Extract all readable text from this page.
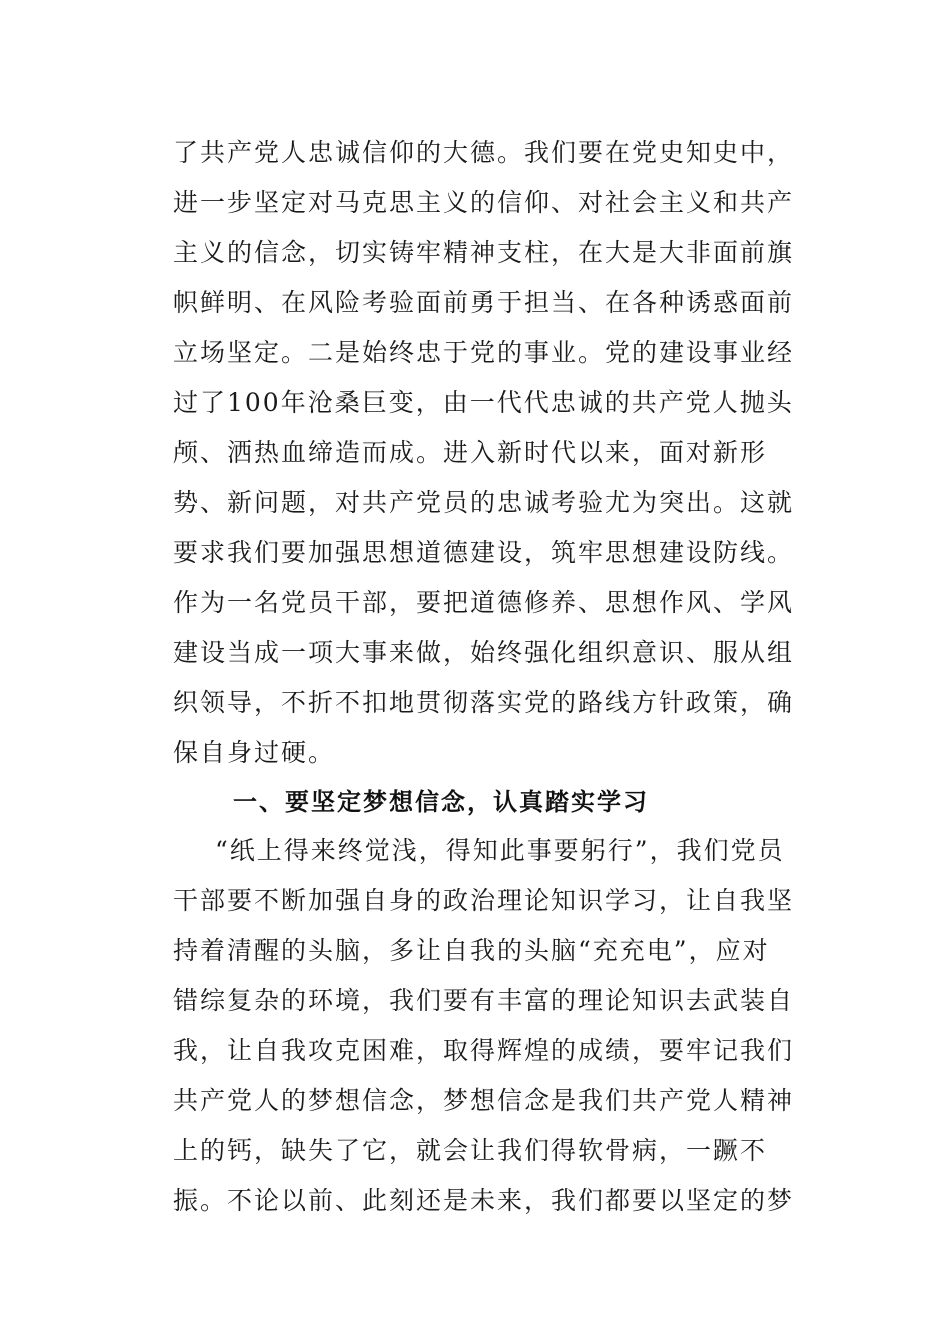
了共产党人忠诚信仰的大德。我们要在党史知史中，
进一步坚定对马克思主义的信仰、对社会主义和共产
主义的信念，切实铸牢精神支柱，在大是大非面前旗
帜鲜明、在风险考验面前勇于担当、在各种诱惑面前
立场坚定。二是始终忠于党的事业。党的建设事业经
过了100年沧桑巨变，由一代代忠诚的共产党人抛头
颅、洒热血缔造而成。进入新时代以来，面对新形
势、新问题，对共产党员的忠诚考验尤为突出。这就
要求我们要加强思想道德建设，筑牢思想建设防线。
作为一名党员干部，要把道德修养、思想作风、学风
建设当成一项大事来做，始终强化组织意识、服从组
织领导，不折不扣地贯彻落实党的路线方针政策，确
保自身过硬。
一、要坚定梦想信念，认真踏实学习
“纸上得来终觉浅，得知此事要躬行”，我们党员
干部要不断加强自身的政治理论知识学习，让自我坚
持着清醒的头脑，多让自我的头脑“充充电”，应对
错综复杂的环境，我们要有丰富的理论知识去武装自
我，让自我攻克困难，取得辉煌的成绩，要牢记我们
共产党人的梦想信念，梦想信念是我们共产党人精神
上的钙，缺失了它，就会让我们得软骨病，一蹶不
振。不论以前、此刻还是未来，我们都要以坚定的梦
